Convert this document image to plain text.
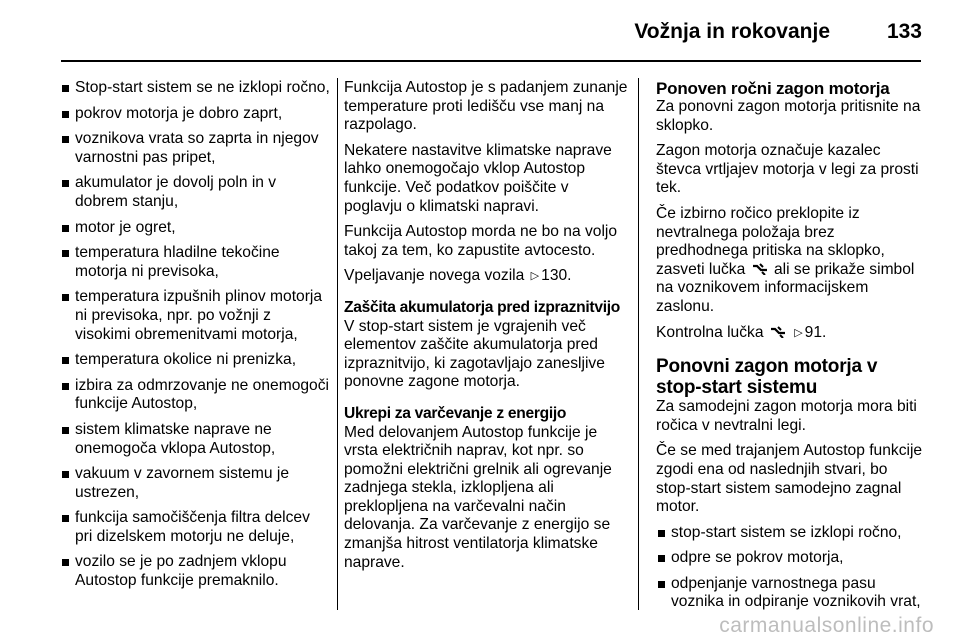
Vožnja in rokovanje	133
Stop-start sistem se ne izklopi ročno,
pokrov motorja je dobro zaprt,
voznikova vrata so zaprta in njegov varnostni pas pripet,
akumulator je dovolj poln in v dobrem stanju,
motor je ogret,
temperatura hladilne tekočine motorja ni previsoka,
temperatura izpušnih plinov motorja ni previsoka, npr. po vožnji z visokimi obremenitvami motorja,
temperatura okolice ni prenizka,
izbira za odmrzovanje ne onemogoči funkcije Autostop,
sistem klimatske naprave ne onemogoča vklopa Autostop,
vakuum v zavornem sistemu je ustrezen,
funkcija samočiščenja filtra delcev pri dizelskem motorju ne deluje,
vozilo se je po zadnjem vklopu Autostop funkcije premaknilo.

Funkcija Autostop je s padanjem zunanje temperature proti ledišču vse manj na razpolago.

Nekatere nastavitve klimatske naprave lahko onemogočajo vklop Autostop funkcije. Več podatkov poiščite v poglavju o klimatski napravi.

Funkcija Autostop morda ne bo na voljo takoj za tem, ko zapustite avtocesto.

Vpeljavanje novega vozila ▷ 130.

Zaščita akumulatorja pred izpraznitvijo

V stop-start sistem je vgrajenih več elementov zaščite akumulatorja pred izpraznitvijo, ki zagotavljajo zanesljive ponovne zagone motorja.

Ukrepi za varčevanje z energijo

Med delovanjem Autostop funkcije je vrsta električnih naprav, kot npr. so pomožni električni grelnik ali ogrevanje zadnjega stekla, izklopljena ali preklopljena na varčevalni način delovanja. Za varčevanje z energijo se zmanjša hitrost ventilatorja klimatske naprave.

Ponoven ročni zagon motorja

Za ponovni zagon motorja pritisnite na sklopko.

Zagon motorja označuje kazalec števca vrtljajev motorja v legi za prosti tek.

Če izbirno ročico preklopite iz nevtralnega položaja brez predhodnega pritiska na sklopko, zasveti lučka ali se prikaže simbol na voznikovem informacijskem zaslonu.

Kontrolna lučka	▷ 91.

Ponovni zagon motorja v stop-start sistemu

Za samodejni zagon motorja mora biti ročica v nevtralni legi.

Če se med trajanjem Autostop funkcije zgodi ena od naslednjih stvari, bo stop-start sistem samodejno zagnal motor.

stop-start sistem se izklopi ročno,
odpre se pokrov motorja,
odpenjanje varnostnega pasu voznika in odpiranje voznikovih vrat,
carmanualsonline.info
